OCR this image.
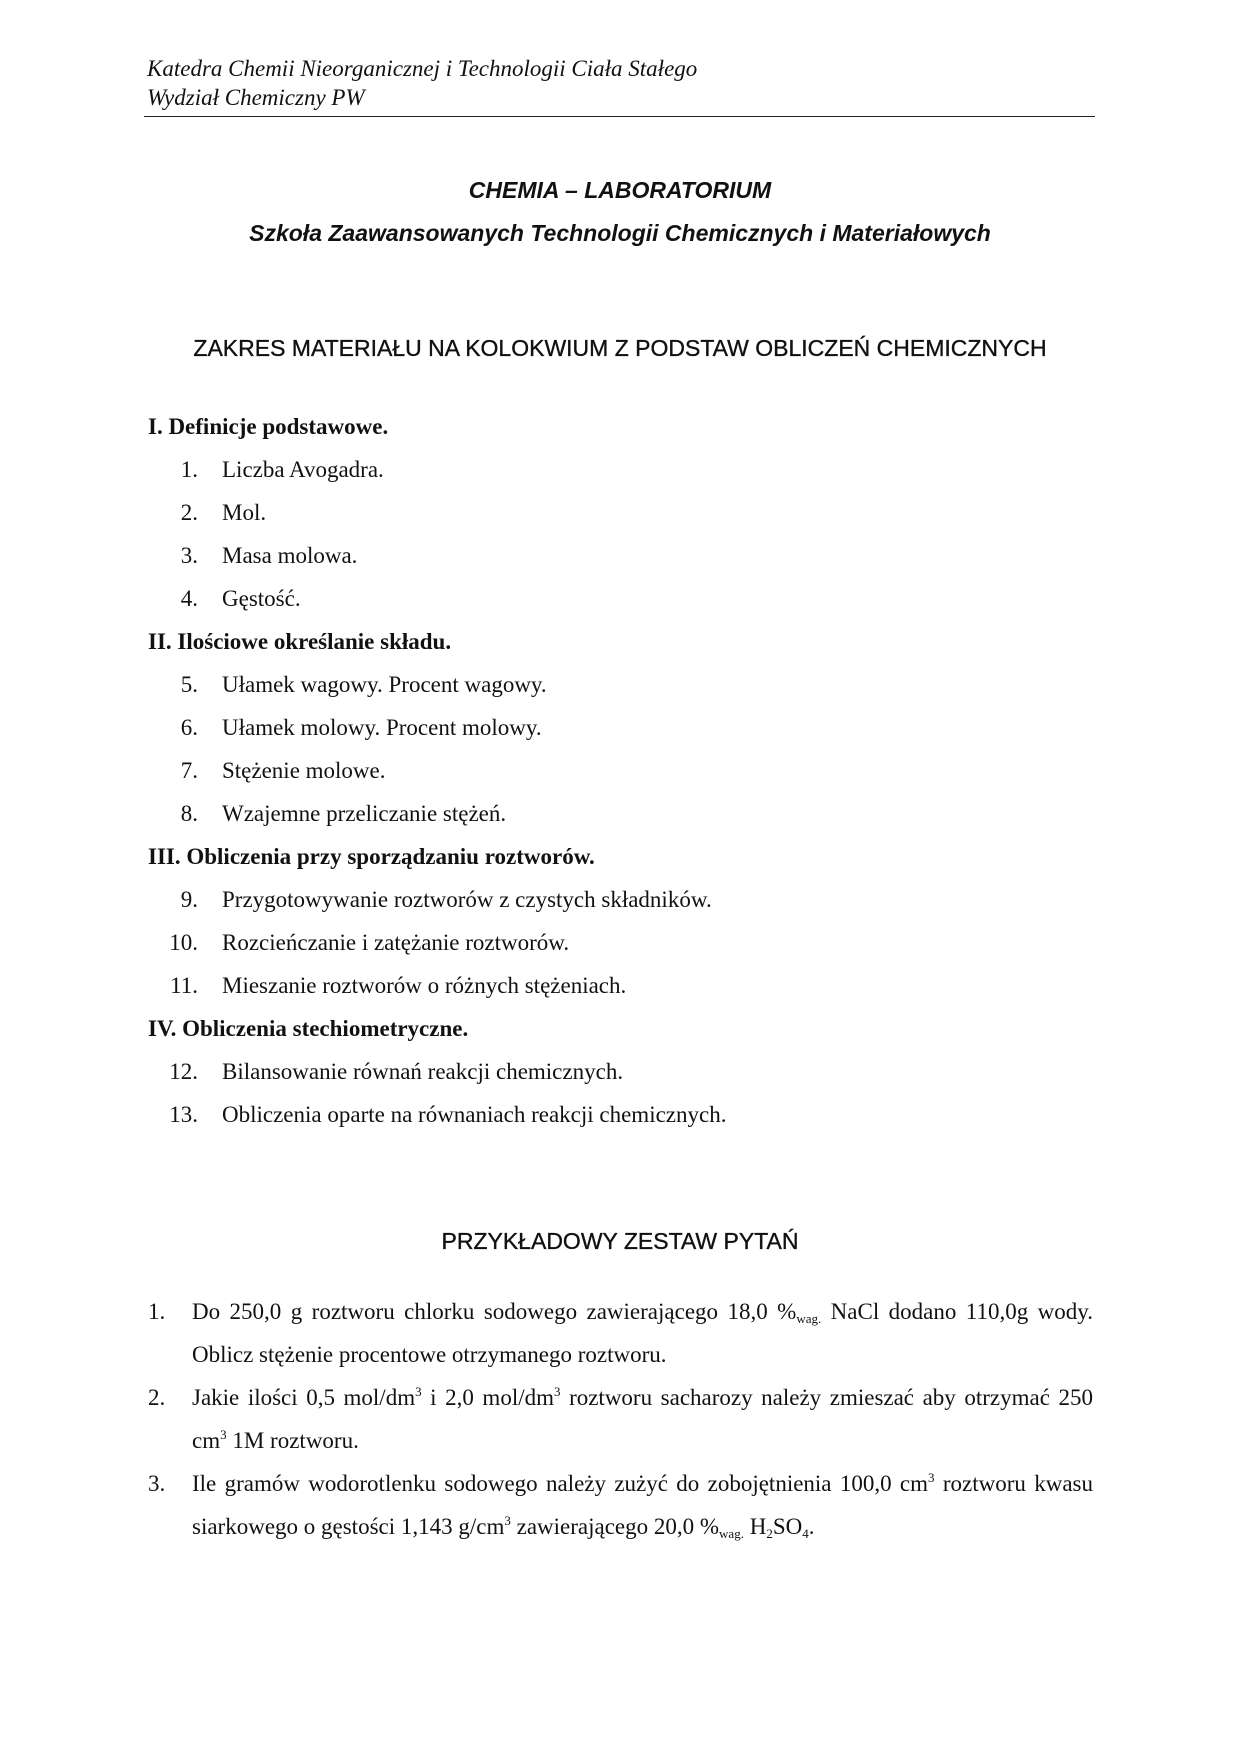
Katedra Chemii Nieorganicznej i Technologii Ciała Stałego
Wydział Chemiczny PW
CHEMIA – LABORATORIUM
Szkoła Zaawansowanych Technologii Chemicznych i Materiałowych
ZAKRES MATERIAŁU NA KOLOKWIUM Z PODSTAW OBLICZEŃ CHEMICZNYCH
I. Definicje podstawowe.
1. Liczba Avogadra.
2. Mol.
3. Masa molowa.
4. Gęstość.
II. Ilościowe określanie składu.
5. Ułamek wagowy. Procent wagowy.
6. Ułamek molowy. Procent molowy.
7. Stężenie molowe.
8. Wzajemne przeliczanie stężeń.
III. Obliczenia przy sporządzaniu roztworów.
9. Przygotowywanie roztworów z czystych składników.
10. Rozcieńczanie i zatężanie roztworów.
11. Mieszanie roztworów o różnych stężeniach.
IV. Obliczenia stechiometryczne.
12. Bilansowanie równań reakcji chemicznych.
13. Obliczenia oparte na równaniach reakcji chemicznych.
PRZYKŁADOWY ZESTAW PYTAŃ
1. Do 250,0 g roztworu chlorku sodowego zawierającego 18,0 $\%_{wag.}$ NaCl dodano 110,0g wody. Oblicz stężenie procentowe otrzymanego roztworu.
2. Jakie ilości 0,5 mol/$dm^3$ i 2,0 mol/$dm^3$ roztworu sacharozy należy zmieszać aby otrzymać 250 $cm^3$ 1M roztworu.
3. Ile gramów wodorotlenku sodowego należy zużyć do zobojętnienia 100,0 $cm^3$ roztworu kwasu siarkowego o gęstości 1,143 $g/cm^3$ zawierającego 20,0 $\%_{wag.}$ $H_2SO_4$.
